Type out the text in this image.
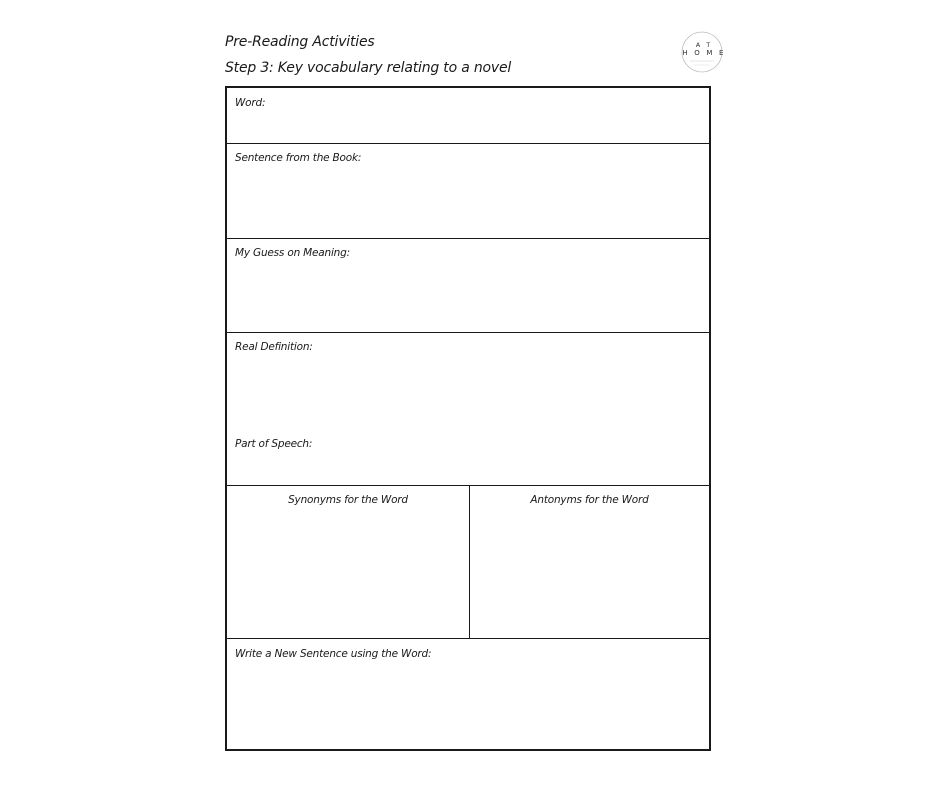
Pre-Reading Activities
Step 3: Key vocabulary relating to a novel
A T
H O M E
Word:
Sentence from the Book:
My Guess on Meaning:
Real Definition:
Part of Speech:
Synonyms for the Word	Antonyms for the Word
Write a New Sentence using the Word:
